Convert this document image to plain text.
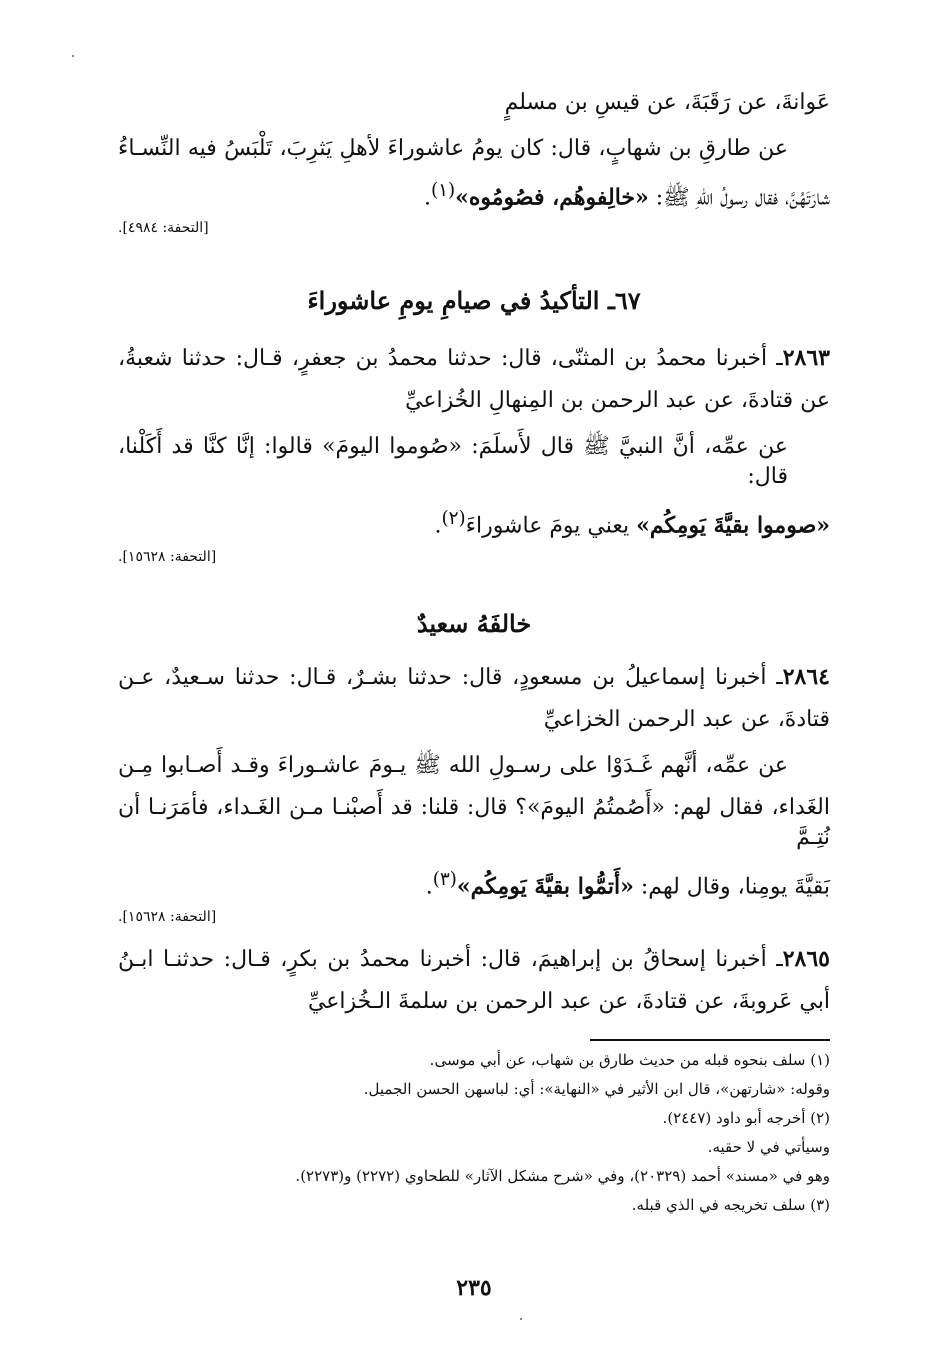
عَوانةَ، عن رَقَبَةَ، عن قيسِ بن مسلمٍ
عن طارقِ بن شهابٍ، قال: كان يومُ عاشوراءَ لأهلِ يَثرِبَ، تَلْبَسُ فيه النِّسـاءُ
شارَتَهُنَّ، فقال رسولُ اللهِ ﷺ: «خالِفوهُم، فصُومُوه»$^{(١)}$.
[التحفة: ٤٩٨٤].
٦٧ـ التأكيدُ في صيامِ يومِ عاشوراءَ
٢٨٦٣ـ أخبرنا محمدُ بن المثنّى، قال: حدثنا محمدُ بن جعفرٍ، قـال: حدثنا شعبةُ،
عن قتادةَ، عن عبد الرحمن بن المِنهالِ الخُزاعيِّ
عن عمِّه، أنَّ النبيَّ ﷺ قال لأَسلَمَ: «صُوموا اليومَ» قالوا: إنَّا كنَّا قد أَكَلْنا، قال:
«صوموا بقيَّةَ يَومِكُم» يعني يومَ عاشوراءَ$^{(٢)}$.
[التحفة: ١٥٦٢٨].
خالفَهُ سعيدٌ
٢٨٦٤ـ أخبرنا إسماعيلُ بن مسعودٍ، قال: حدثنا بشـرٌ، قـال: حدثنا سـعيدٌ، عـن
قتادةَ، عن عبد الرحمن الخزاعيِّ
عن عمِّه، أنَّهم غَـدَوْا على رسـولِ الله ﷺ يـومَ عاشـوراءَ وقـد أَصـابوا مِـن
الغَداء، فقال لهم: «أَصُمتُمُ اليومَ»؟ قال: قلنا: قد أَصبْنـا مـن الغَـداء، فأمَرَنـا أن نُتِـمَّ
بَقيَّةَ يومِنا، وقال لهم: «أَتمُّوا بقيَّةَ يَومِكُم»$^{(٣)}$.
[التحفة: ١٥٦٢٨].
٢٨٦٥ـ أخبرنا إسحاقُ بن إبراهيمَ، قال: أخبرنا محمدُ بن بكرٍ، قـال: حدثنـا ابـنُ
أبي عَروبةَ، عن قتادةَ، عن عبد الرحمن بن سلمةَ الـخُزاعيِّ
(١) سلف بنحوه قبله من حديث طارق بن شهاب، عن أبي موسى.
وقوله: «شارتهن»، قال ابن الأثير في «النهاية»: أي: لباسهن الحسن الجميل.
(٢) أخرجه أبو داود (٢٤٤٧).
وسيأتي في لا حقيه.
وهو في «مسند» أحمد (٢٠٣٢٩)، وفي «شرح مشكل الآثار» للطحاوي (٢٢٧٢) و(٢٢٧٣).
(٣) سلف تخريجه في الذي قبله.
٢٣٥
